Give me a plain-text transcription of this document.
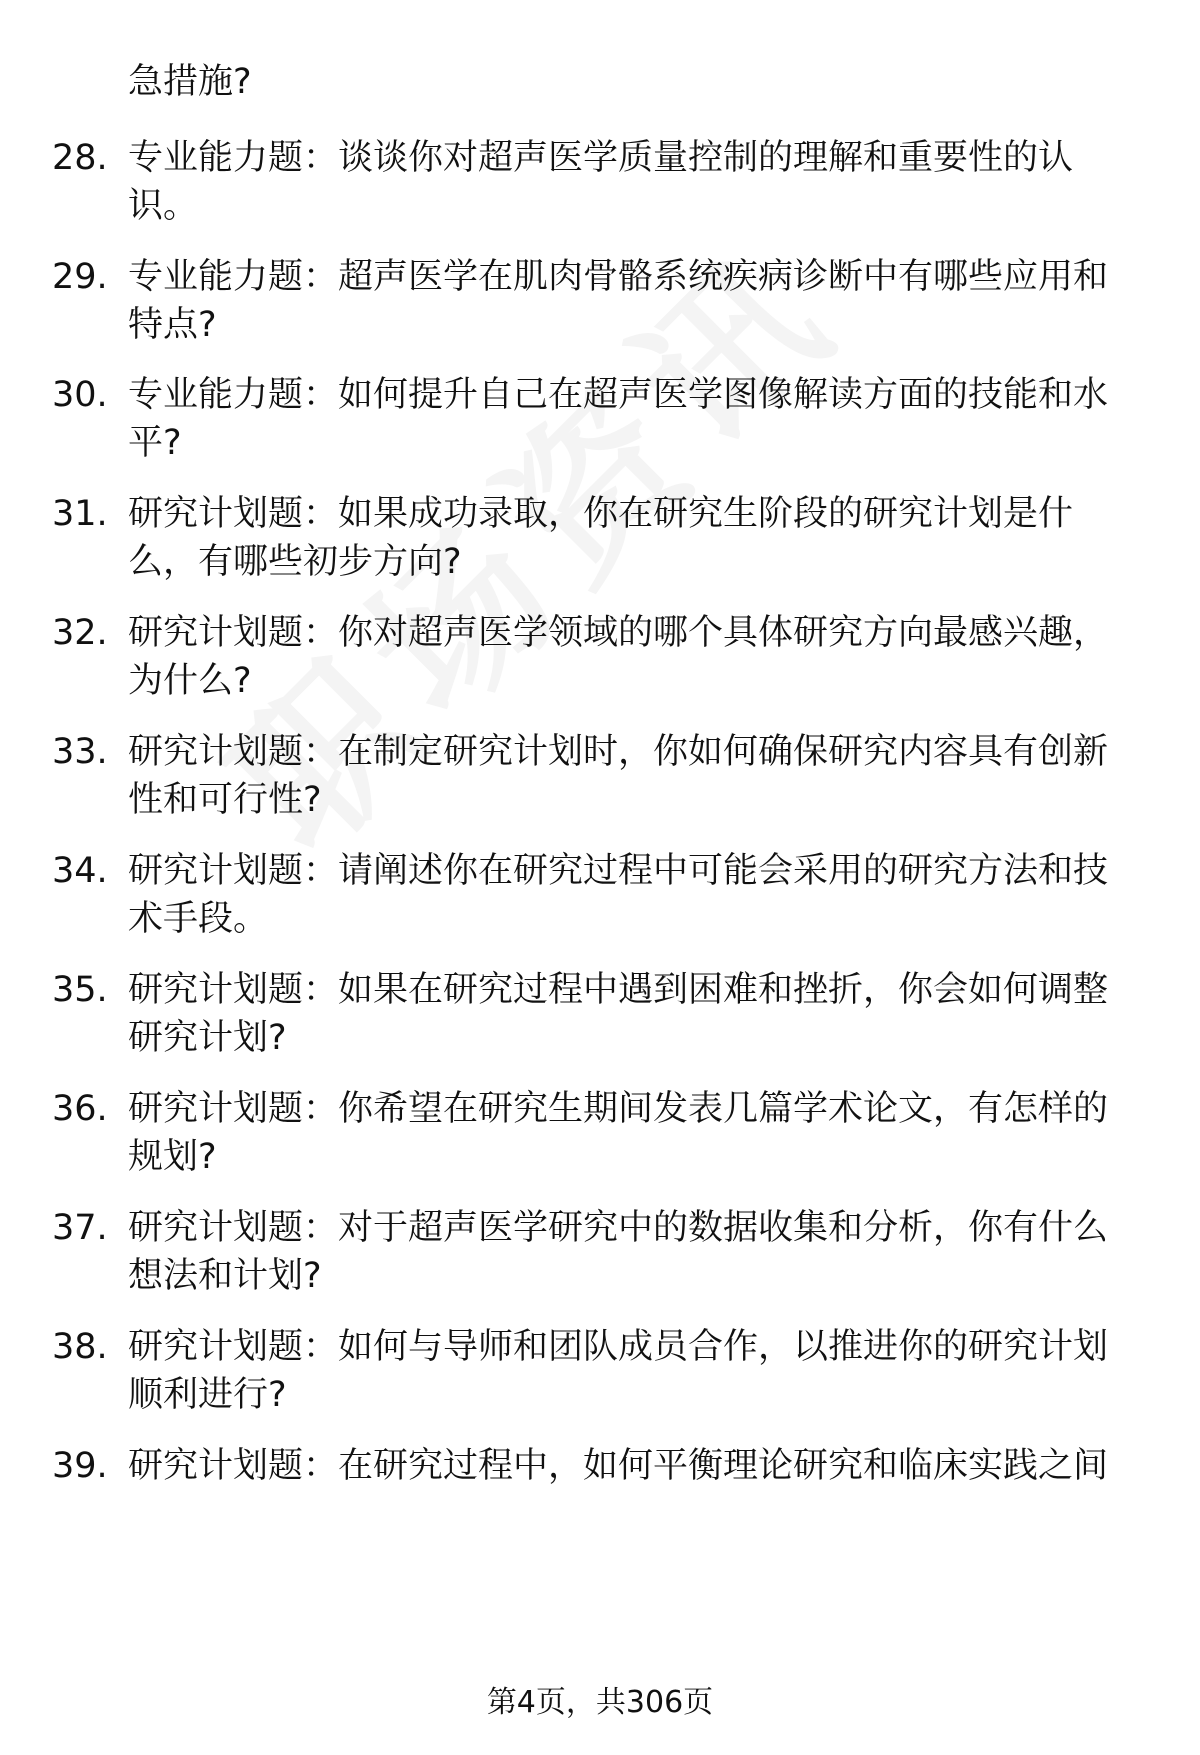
急措施?
28. 专业能力题：谈谈你对超声医学质量控制的理解和重要性的认识。
29. 专业能力题：超声医学在肌肉骨骼系统疾病诊断中有哪些应用和特点?
30. 专业能力题：如何提升自己在超声医学图像解读方面的技能和水平?
31. 研究计划题：如果成功录取，你在研究生阶段的研究计划是什么，有哪些初步方向?
32. 研究计划题：你对超声医学领域的哪个具体研究方向最感兴趣，为什么?
33. 研究计划题：在制定研究计划时，你如何确保研究内容具有创新性和可行性?
34. 研究计划题：请阐述你在研究过程中可能会采用的研究方法和技术手段。
35. 研究计划题：如果在研究过程中遇到困难和挫折，你会如何调整研究计划?
36. 研究计划题：你希望在研究生期间发表几篇学术论文，有怎样的规划?
37. 研究计划题：对于超声医学研究中的数据收集和分析，你有什么想法和计划?
38. 研究计划题：如何与导师和团队成员合作，以推进你的研究计划顺利进行?
39. 研究计划题：在研究过程中，如何平衡理论研究和临床实践之间
第4页，共306页
